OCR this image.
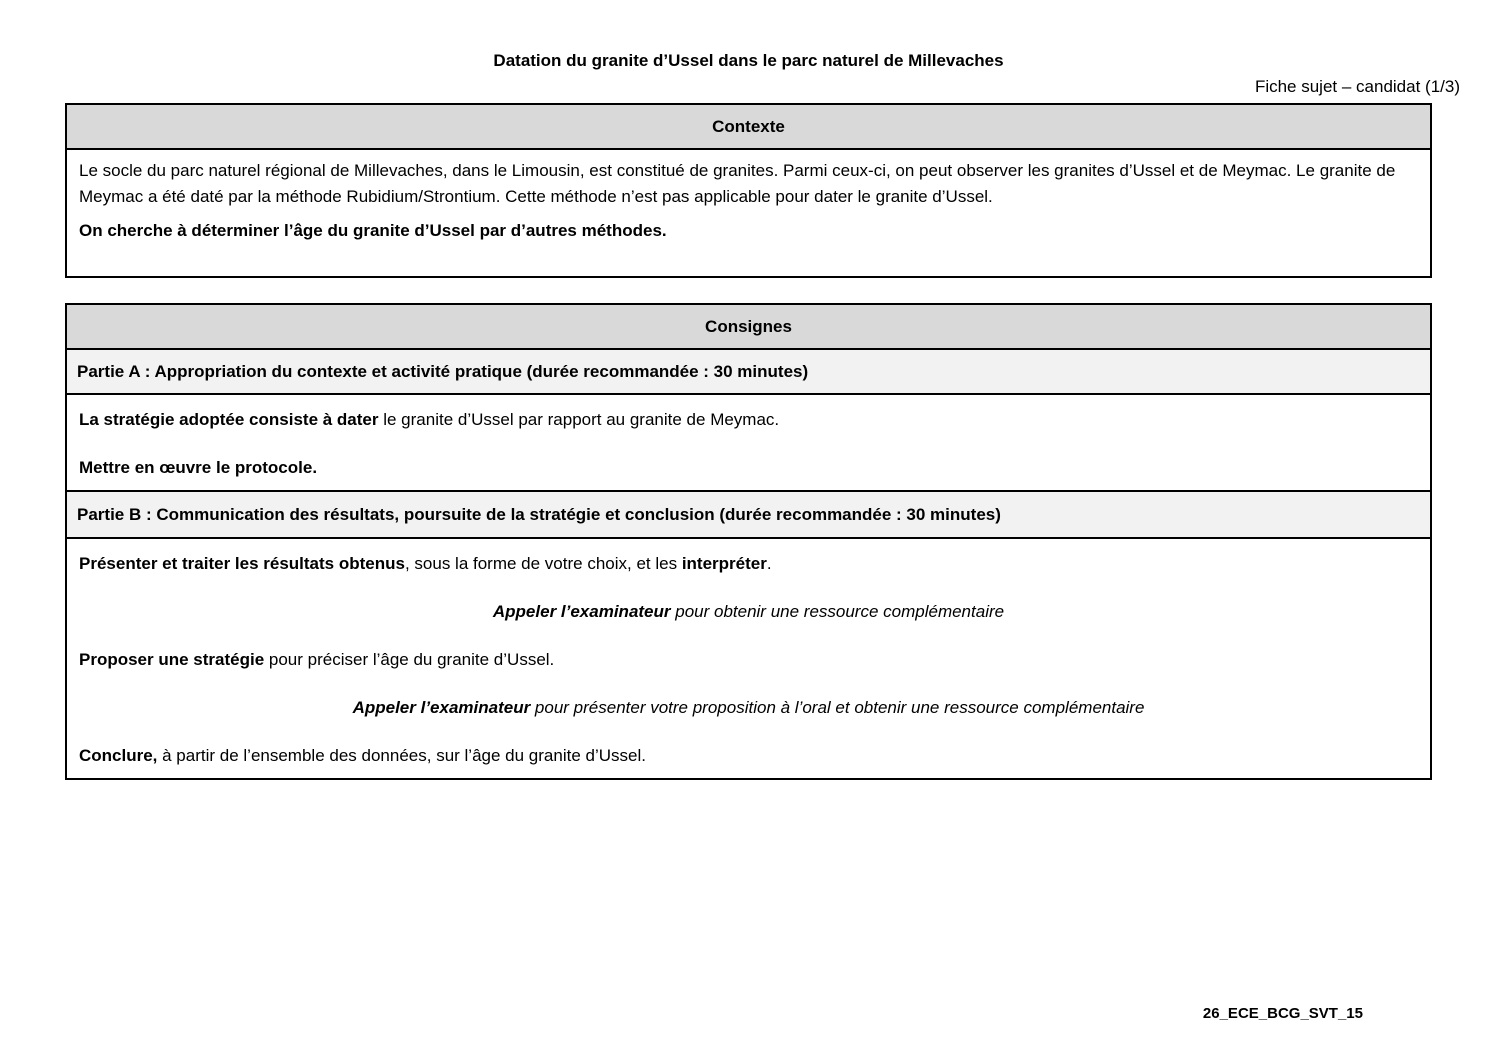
Datation du granite d’Ussel dans le parc naturel de Millevaches
Fiche sujet – candidat (1/3)
Contexte

Le socle du parc naturel régional de Millevaches, dans le Limousin, est constitué de granites. Parmi ceux-ci, on peut observer les granites d’Ussel et de Meymac. Le granite de Meymac a été daté par la méthode Rubidium/Strontium. Cette méthode n’est pas applicable pour dater le granite d’Ussel.

On cherche à déterminer l’âge du granite d’Ussel par d’autres méthodes.

Consignes
Partie A : Appropriation du contexte et activité pratique (durée recommandée : 30 minutes)

La stratégie adoptée consiste à dater le granite d’Ussel par rapport au granite de Meymac.

Mettre en œuvre le protocole.

Partie B : Communication des résultats, poursuite de la stratégie et conclusion (durée recommandée : 30 minutes)

Présenter et traiter les résultats obtenus, sous la forme de votre choix, et les interpréter.

Appeler l’examinateur pour obtenir une ressource complémentaire

Proposer une stratégie pour préciser l’âge du granite d’Ussel.

Appeler l’examinateur pour présenter votre proposition à l’oral et obtenir une ressource complémentaire

Conclure, à partir de l’ensemble des données, sur l’âge du granite d’Ussel.

26_ECE_BCG_SVT_15
